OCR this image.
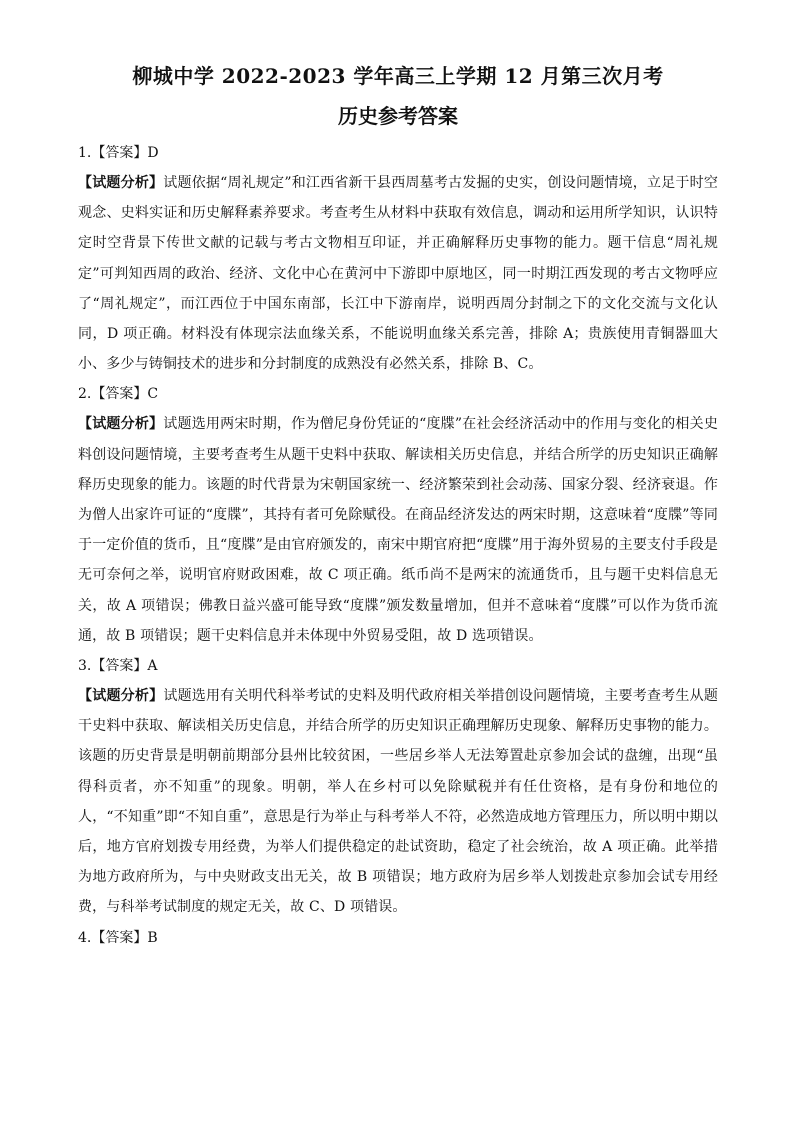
柳城中学 2022-2023 学年高三上学期 12 月第三次月考
历史参考答案

1.【答案】D

【试题分析】试题依据“周礼规定”和江西省新干县西周墓考古发掘的史实，创设问题情境，立足于时空观念、史料实证和历史解释素养要求。考查考生从材料中获取有效信息，调动和运用所学知识，认识特定时空背景下传世文献的记载与考古文物相互印证，并正确解释历史事物的能力。题干信息“周礼规定”可判知西周的政治、经济、文化中心在黄河中下游即中原地区，同一时期江西发现的考古文物呼应了“周礼规定”，而江西位于中国东南部，长江中下游南岸，说明西周分封制之下的文化交流与文化认同，D 项正确。材料没有体现宗法血缘关系，不能说明血缘关系完善，排除 A；贵族使用青铜器皿大小、多少与铸铜技术的进步和分封制度的成熟没有必然关系，排除 B、C。

2.【答案】C

【试题分析】试题选用两宋时期，作为僧尼身份凭证的“度牒”在社会经济活动中的作用与变化的相关史料创设问题情境，主要考查考生从题干史料中获取、解读相关历史信息，并结合所学的历史知识正确解释历史现象的能力。该题的时代背景为宋朝国家统一、经济繁荣到社会动荡、国家分裂、经济衰退。作为僧人出家许可证的“度牒”，其持有者可免除赋役。在商品经济发达的两宋时期，这意味着“度牒”等同于一定价值的货币，且“度牒”是由官府颁发的，南宋中期官府把“度牒”用于海外贸易的主要支付手段是无可奈何之举，说明官府财政困难，故 C 项正确。纸币尚不是两宋的流通货币，且与题干史料信息无关，故 A 项错误；佛教日益兴盛可能导致“度牒”颁发数量增加，但并不意味着“度牒”可以作为货币流通，故 B 项错误；题干史料信息并未体现中外贸易受阻，故 D 选项错误。

3.【答案】A

【试题分析】试题选用有关明代科举考试的史料及明代政府相关举措创设问题情境，主要考查考生从题干史料中获取、解读相关历史信息，并结合所学的历史知识正确理解历史现象、解释历史事物的能力。该题的历史背景是明朝前期部分县州比较贫困，一些居乡举人无法筹置赴京参加会试的盘缠，出现“虽得科贡者，亦不知重”的现象。明朝，举人在乡村可以免除赋税并有任仕资格，是有身份和地位的人，“不知重”即“不知自重”，意思是行为举止与科考举人不符，必然造成地方管理压力，所以明中期以后，地方官府划拨专用经费，为举人们提供稳定的赴试资助，稳定了社会统治，故 A 项正确。此举措为地方政府所为，与中央财政支出无关，故 B 项错误；地方政府为居乡举人划拨赴京参加会试专用经费，与科举考试制度的规定无关，故 C、D 项错误。

4.【答案】B
